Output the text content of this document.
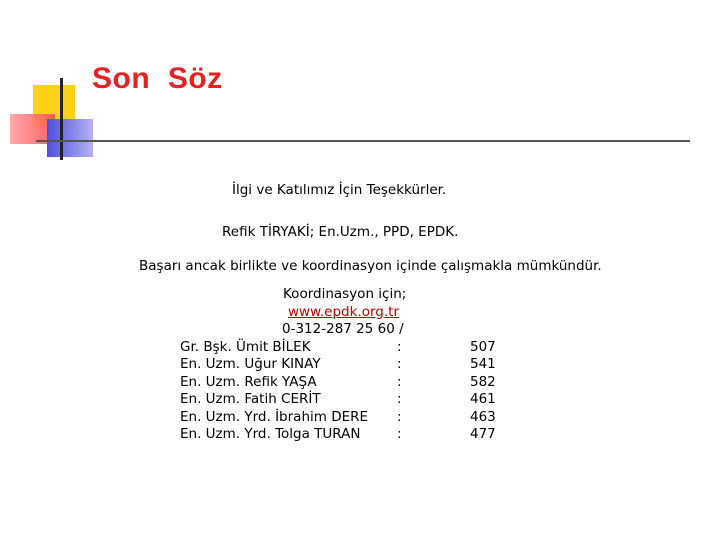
Son Söz

İlgi ve Katılımız İçin Teşekkürler.

Refik TİRYAKİ; En.Uzm., PPD, EPDK.

Başarı ancak birlikte ve koordinasyon içinde çalışmakla mümkündür.

Koordinasyon için;
www.epdk.org.tr
0-312-287 25 60 /
Gr. Bşk. Ümit BİLEK	:	507
En. Uzm. Uğur KINAY	:	541
En. Uzm. Refik YAŞA	:	582
En. Uzm. Fatih CERİT	:	461
En. Uzm. Yrd. İbrahim DERE	:	463
En. Uzm. Yrd. Tolga TURAN	:	477
